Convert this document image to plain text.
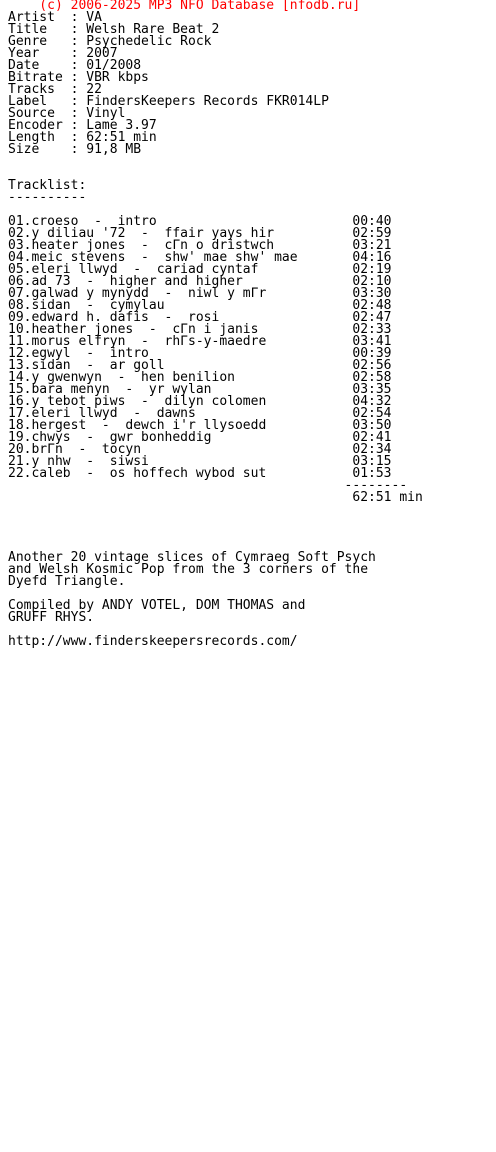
(c) 2006-2025 MP3 NFO Database [nfodb.ru]
Artist  : VA
Title   : Welsh Rare Beat 2
Genre   : Psychedelic Rock
Year    : 2007
Date    : 01/2008
Bitrate : VBR kbps
Tracks  : 22
Label   : FindersKeepers Records FKR014LP
Source  : Vinyl
Encoder : Lame 3.97
Length  : 62:51 min
Size    : 91,8 MB
Tracklist:
----------
01.croeso  -  intro                         00:40
02.y diliau '72  -  ffair yays hir          02:59
03.heater jones  -  cΓn o dristwch          03:21
04.meic stevens  -  shw' mae shw' mae       04:16
05.eleri llwyd  -  cariad cyntaf            02:19
06.ad 73  -  higher and higher              02:10
07.galwad y mynydd  -  niwl y mΓr           03:30
08.sidan  -  cymylau                        02:48
09.edward h. dafis  -  rosi                 02:47
10.heather jones  -  cΓn i janis            02:33
11.morus elfryn  -  rhΓs-y-maedre           03:41
12.egwyl  -  intro                          00:39
13.sidan  -  ar goll                        02:56
14.y gwenwyn  -  hen benilion               02:58
15.bara menyn  -  yr wylan                  03:35
16.y tebot piws  -  dilyn colomen           04:32
17.eleri llwyd  -  dawns                    02:54
18.hergest  -  dewch i'r llysoedd           03:50
19.chwys  -  gwr bonheddig                  02:41
20.brΓn  -  tocyn                           02:34
21.y nhw  -  siwsi                          03:15
22.caleb  -  os hoffech wybod sut           01:53
--------
62:51 min
Another 20 vintage slices of Cymraeg Soft Psych
and Welsh Kosmic Pop from the 3 corners of the
Dyefd Triangle.
Compiled by ANDY VOTEL, DOM THOMAS and
GRUFF RHYS.
http://www.finderskeepersrecords.com/
